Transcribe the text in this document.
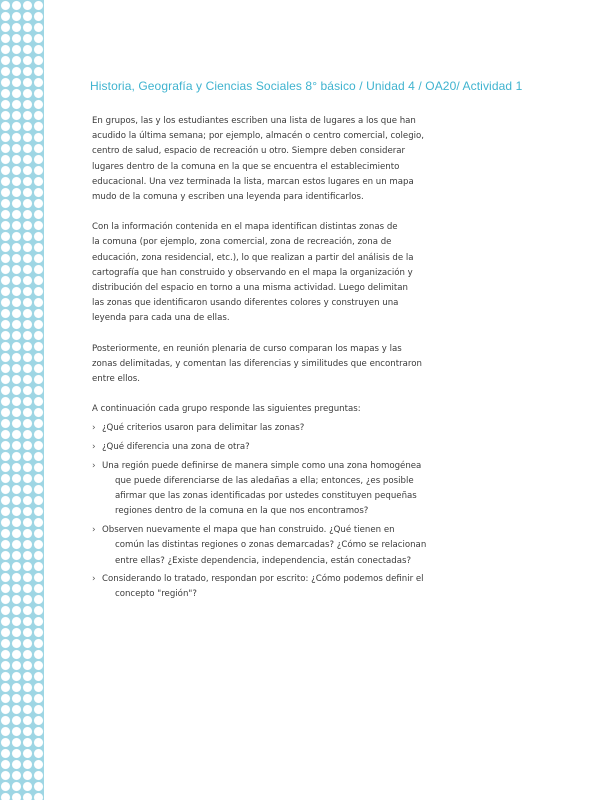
Historia, Geografía y Ciencias Sociales 8° básico / Unidad 4 / OA20/ Actividad 1

En grupos, las y los estudiantes escriben una lista de lugares a los que han
acudido la última semana; por ejemplo, almacén o centro comercial, colegio,
centro de salud, espacio de recreación u otro. Siempre deben considerar
lugares dentro de la comuna en la que se encuentra el establecimiento
educacional. Una vez terminada la lista, marcan estos lugares en un mapa
mudo de la comuna y escriben una leyenda para identificarlos.

Con la información contenida en el mapa identifican distintas zonas de
la comuna (por ejemplo, zona comercial, zona de recreación, zona de
educación, zona residencial, etc.), lo que realizan a partir del análisis de la
cartografía que han construido y observando en el mapa la organización y
distribución del espacio en torno a una misma actividad. Luego delimitan
las zonas que identificaron usando diferentes colores y construyen una
leyenda para cada una de ellas.

Posteriormente, en reunión plenaria de curso comparan los mapas y las
zonas delimitadas, y comentan las diferencias y similitudes que encontraron
entre ellos.

A continuación cada grupo responde las siguientes preguntas:

› ¿Qué criterios usaron para delimitar las zonas?
› ¿Qué diferencia una zona de otra?
› Una región puede definirse de manera simple como una zona homogénea
que puede diferenciarse de las aledañas a ella; entonces, ¿es posible
afirmar que las zonas identificadas por ustedes constituyen pequeñas
regiones dentro de la comuna en la que nos encontramos?
› Observen nuevamente el mapa que han construido. ¿Qué tienen en
común las distintas regiones o zonas demarcadas? ¿Cómo se relacionan
entre ellas? ¿Existe dependencia, independencia, están conectadas?
› Considerando lo tratado, respondan por escrito: ¿Cómo podemos definir el
concepto "región"?
